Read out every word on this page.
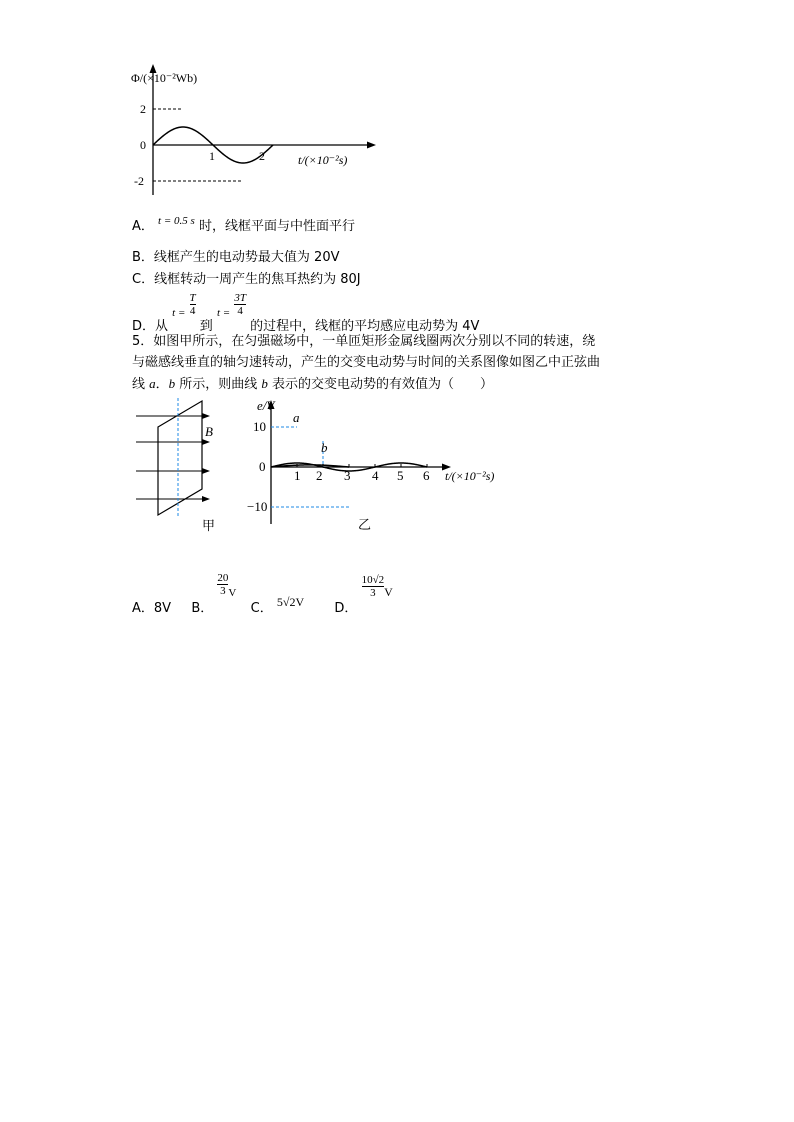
Φ/(×10⁻²Wb)
2
0
-2
1	2	t/(×10⁻²s)
A． $^{t = 0.5 s}$ 时，线框平面与中性面平行
B．线框产生的电动势最大值为 20V
C．线框转动一周产生的焦耳热约为 80J
D．从 $_{t =} \frac{T}{4}$
到 $_{t =} \frac{3T}{4}$
的过程中，线框的平均感应电动势为 4V
5．如图甲所示，在匀强磁场中，一单匝矩形金属线圈两次分别以不同的转速，绕
与磁感线垂直的轴匀速转动，产生的交变电动势与时间的关系图像如图乙中正弦曲
线 a．b 所示，则曲线 b 表示的交变电动势的有效值为（　　）
B
甲
e/V
10
0
−10
1 2 3 4 5 6 t/(×10⁻²s)
a
b
乙
A．8V B．
$\frac{20}{3} _V$  C． 5√2V D．
$\frac{10√2}{3}$ V
